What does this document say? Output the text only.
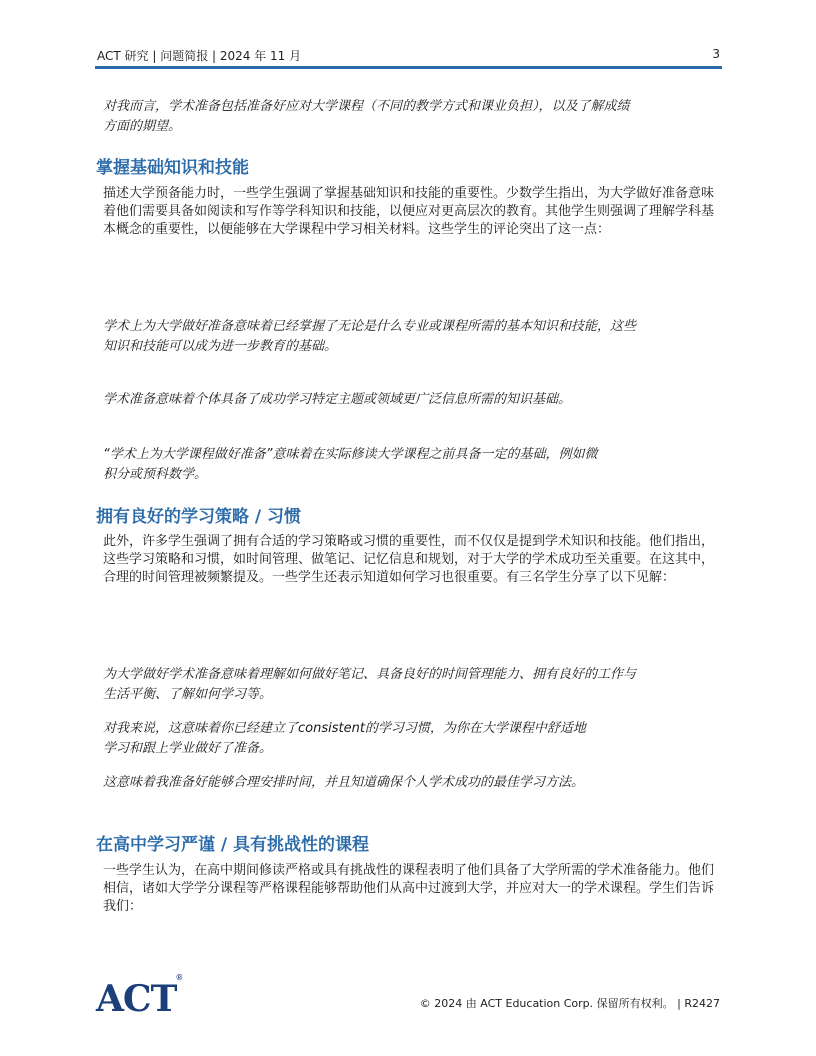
ACT 研究 | 问题简报 | 2024 年 11 月	3
对我而言，学术准备包括准备好应对大学课程（不同的教学方式和课业负担），以及了解成绩
方面的期望。
掌握基础知识和技能
描述大学预备能力时，一些学生强调了掌握基础知识和技能的重要性。少数学生指出，为大学做好准备意味着他们需要具备如阅读和写作等学科知识和技能，以便应对更高层次的教育。其他学生则强调了理解学科基本概念的重要性，以便能够在大学课程中学习相关材料。这些学生的评论突出了这一点：
学术上为大学做好准备意味着已经掌握了无论是什么专业或课程所需的基本知识和技能，这些
知识和技能可以成为进一步教育的基础。
学术准备意味着个体具备了成功学习特定主题或领域更广泛信息所需的知识基础。
“学术上为大学课程做好准备”意味着在实际修读大学课程之前具备一定的基础，例如微
积分或预科数学。
拥有良好的学习策略 / 习惯
此外，许多学生强调了拥有合适的学习策略或习惯的重要性，而不仅仅是提到学术知识和技能。他们指出，这些学习策略和习惯，如时间管理、做笔记、记忆信息和规划，对于大学的学术成功至关重要。在这其中，合理的时间管理被频繁提及。一些学生还表示知道如何学习也很重要。有三名学生分享了以下见解：
为大学做好学术准备意味着理解如何做好笔记、具备良好的时间管理能力、拥有良好的工作与
生活平衡、了解如何学习等。
对我来说，这意味着你已经建立了consistent的学习习惯，为你在大学课程中舒适地
学习和跟上学业做好了准备。
这意味着我准备好能够合理安排时间，并且知道确保个人学术成功的最佳学习方法。
在高中学习严谨 / 具有挑战性的课程
一些学生认为，在高中期间修读严格或具有挑战性的课程表明了他们具备了大学所需的学术准备能力。他们相信，诸如大学学分课程等严格课程能够帮助他们从高中过渡到大学，并应对大一的学术课程。学生们告诉我们：
ACT®
© 2024 由 ACT Education Corp. 保留所有权利。 | R2427
